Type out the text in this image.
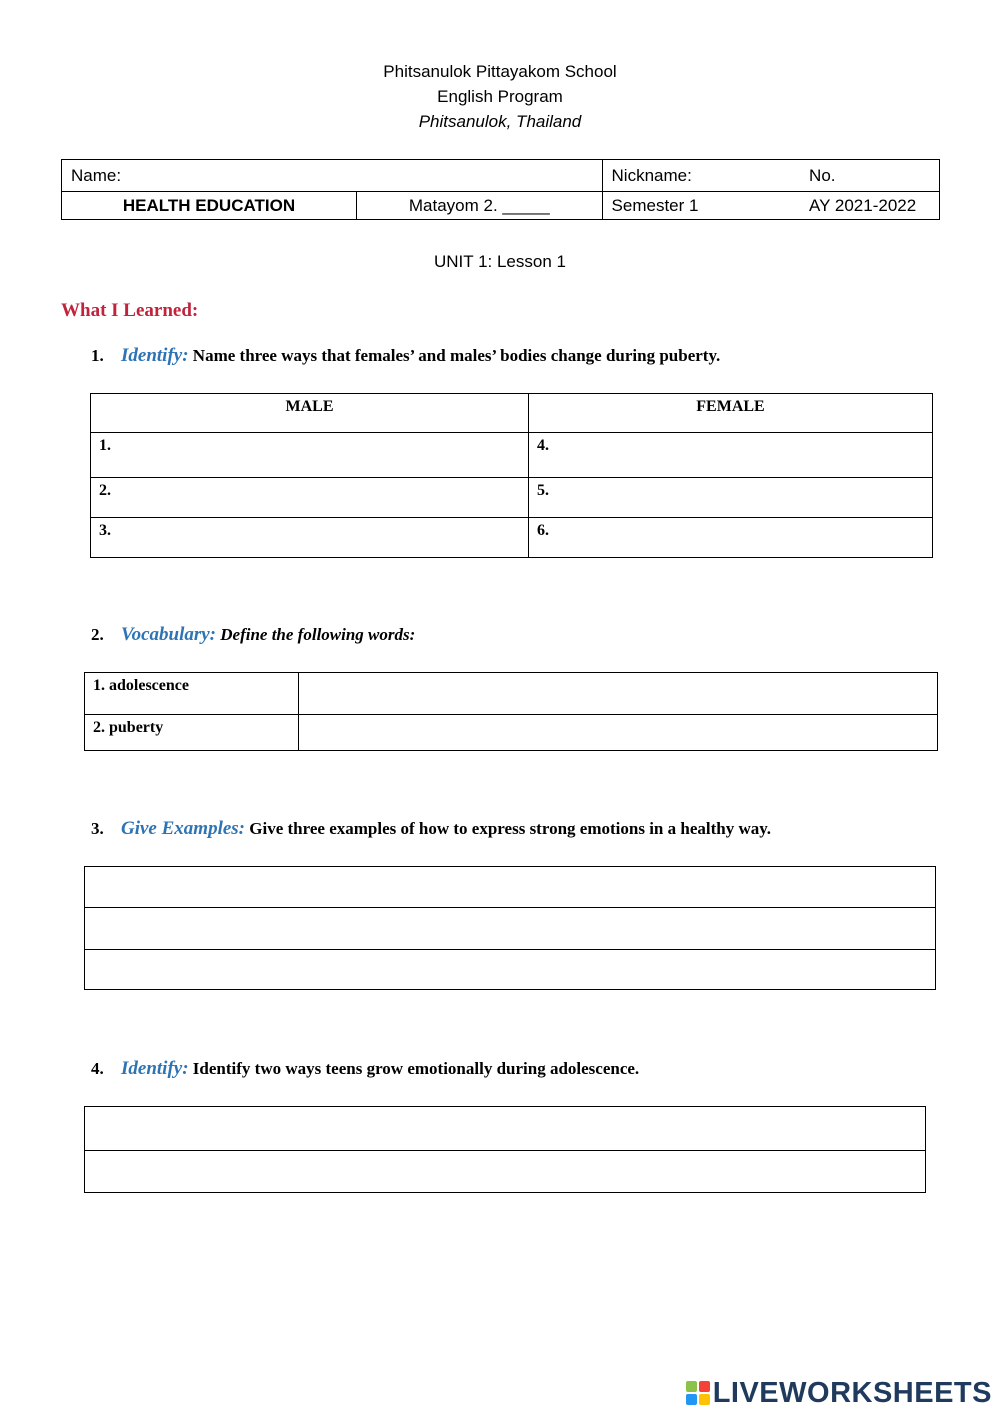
Phitsanulok Pittayakom School
English Program
Phitsanulok, Thailand
Name:		Nickname:	No.
HEALTH EDUCATION	Matayom 2. _____	Semester 1	AY 2021-2022
UNIT 1: Lesson 1
What I Learned:
1. Identify: Name three ways that females’ and males’ bodies change during puberty.
MALE	FEMALE
1.	4.
2.	5.
3.	6.
2. Vocabulary: Define the following words:
1. adolescence	
2. puberty	
3. Give Examples: Give three examples of how to express strong emotions in a healthy way.

4. Identify: Identify two ways teens grow emotionally during adolescence.

LIVEWORKSHEETS
